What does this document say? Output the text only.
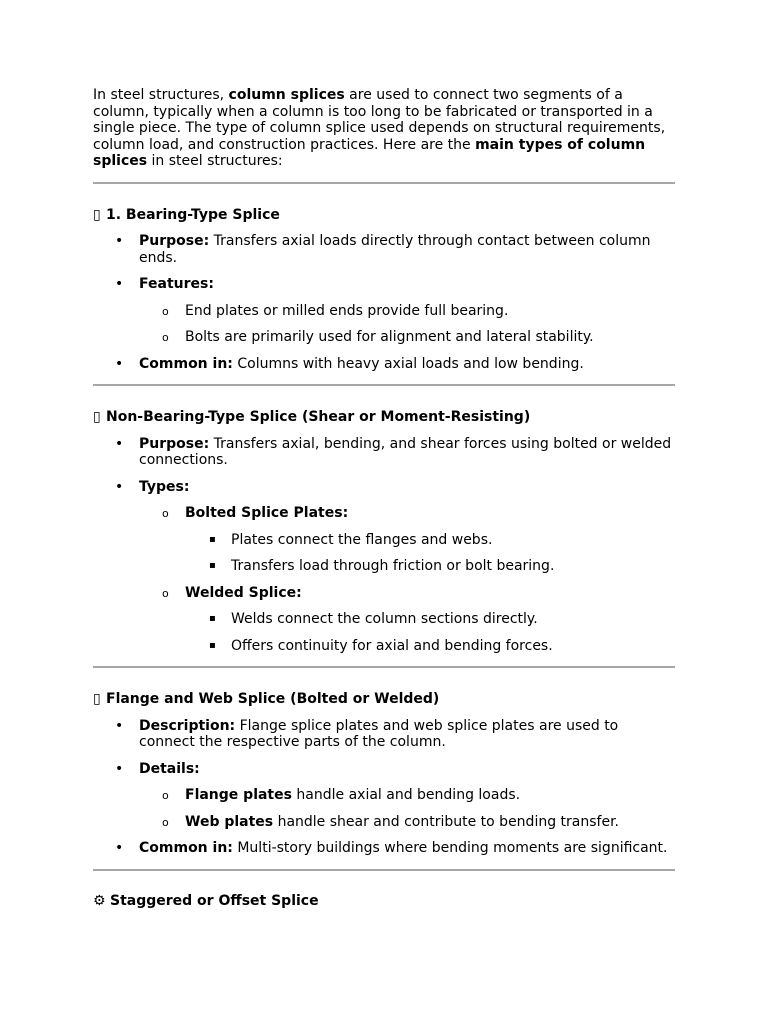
In steel structures, column splices are used to connect two segments of a column, typically when a column is too long to be fabricated or transported in a single piece. The type of column splice used depends on structural requirements, column load, and construction practices. Here are the main types of column splices in steel structures:

▯ 1. Bearing-Type Splice
• Purpose: Transfers axial loads directly through contact between column ends.
• Features:
o End plates or milled ends provide full bearing.
o Bolts are primarily used for alignment and lateral stability.
• Common in: Columns with heavy axial loads and low bending.
▯ Non-Bearing-Type Splice (Shear or Moment-Resisting)
• Purpose: Transfers axial, bending, and shear forces using bolted or welded connections.
• Types:
o Bolted Splice Plates:
▪ Plates connect the flanges and webs.
▪ Transfers load through friction or bolt bearing.
o Welded Splice:
▪ Welds connect the column sections directly.
▪ Offers continuity for axial and bending forces.
▯ Flange and Web Splice (Bolted or Welded)
• Description: Flange splice plates and web splice plates are used to connect the respective parts of the column.
• Details:
o Flange plates handle axial and bending loads.
o Web plates handle shear and contribute to bending transfer.
• Common in: Multi-story buildings where bending moments are significant.
⚙ Staggered or Offset Splice
